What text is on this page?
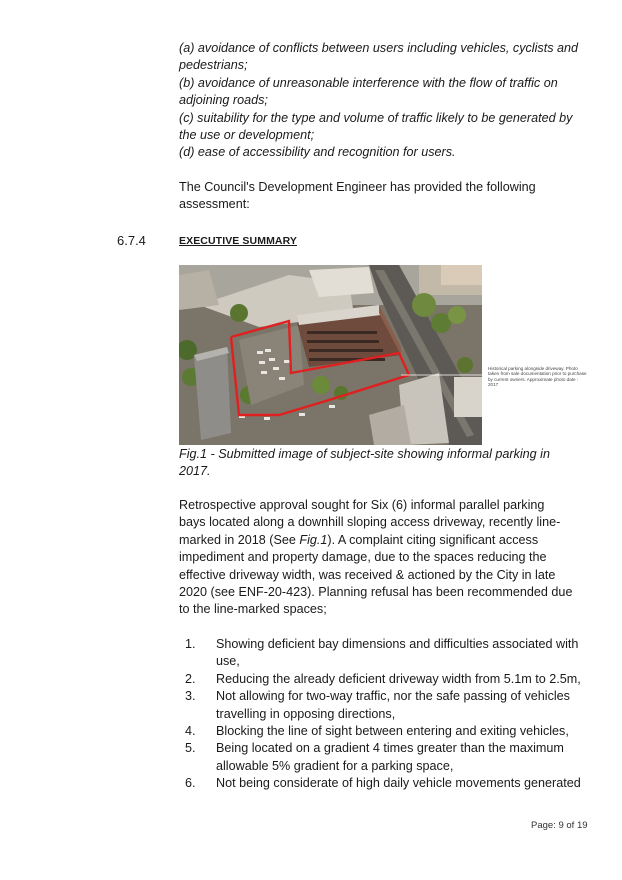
(a) avoidance of conflicts between users including vehicles, cyclists and pedestrians;

(b) avoidance of unreasonable interference with the flow of traffic on adjoining roads;

(c) suitability for the type and volume of traffic likely to be generated by the use or development;

(d) ease of accessibility and recognition for users.

The Council's Development Engineer has provided the following assessment:

6.7.4	EXECUTIVE SUMMARY
Historical parking alongside driveway. Photo taken from sale documentation prior to purchase by current owners. Approximate photo date : 2017
Fig.1 - Submitted image of subject-site showing informal parking in 2017.

Retrospective approval sought for Six (6) informal parallel parking bays located along a downhill sloping access driveway, recently line-marked in 2018 (See Fig.1). A complaint citing significant access impediment and property damage, due to the spaces reducing the effective driveway width, was received & actioned by the City in late 2020 (see ENF-20-423). Planning refusal has been recommended due to the line-marked spaces;

1. Showing deficient bay dimensions and difficulties associated with use,
2. Reducing the already deficient driveway width from 5.1m to 2.5m,
3. Not allowing for two-way traffic, nor the safe passing of vehicles travelling in opposing directions,
4. Blocking the line of sight between entering and exiting vehicles,
5. Being located on a gradient 4 times greater than the maximum allowable 5% gradient for a parking space,
6. Not being considerate of high daily vehicle movements generated
Page: 9 of 19
